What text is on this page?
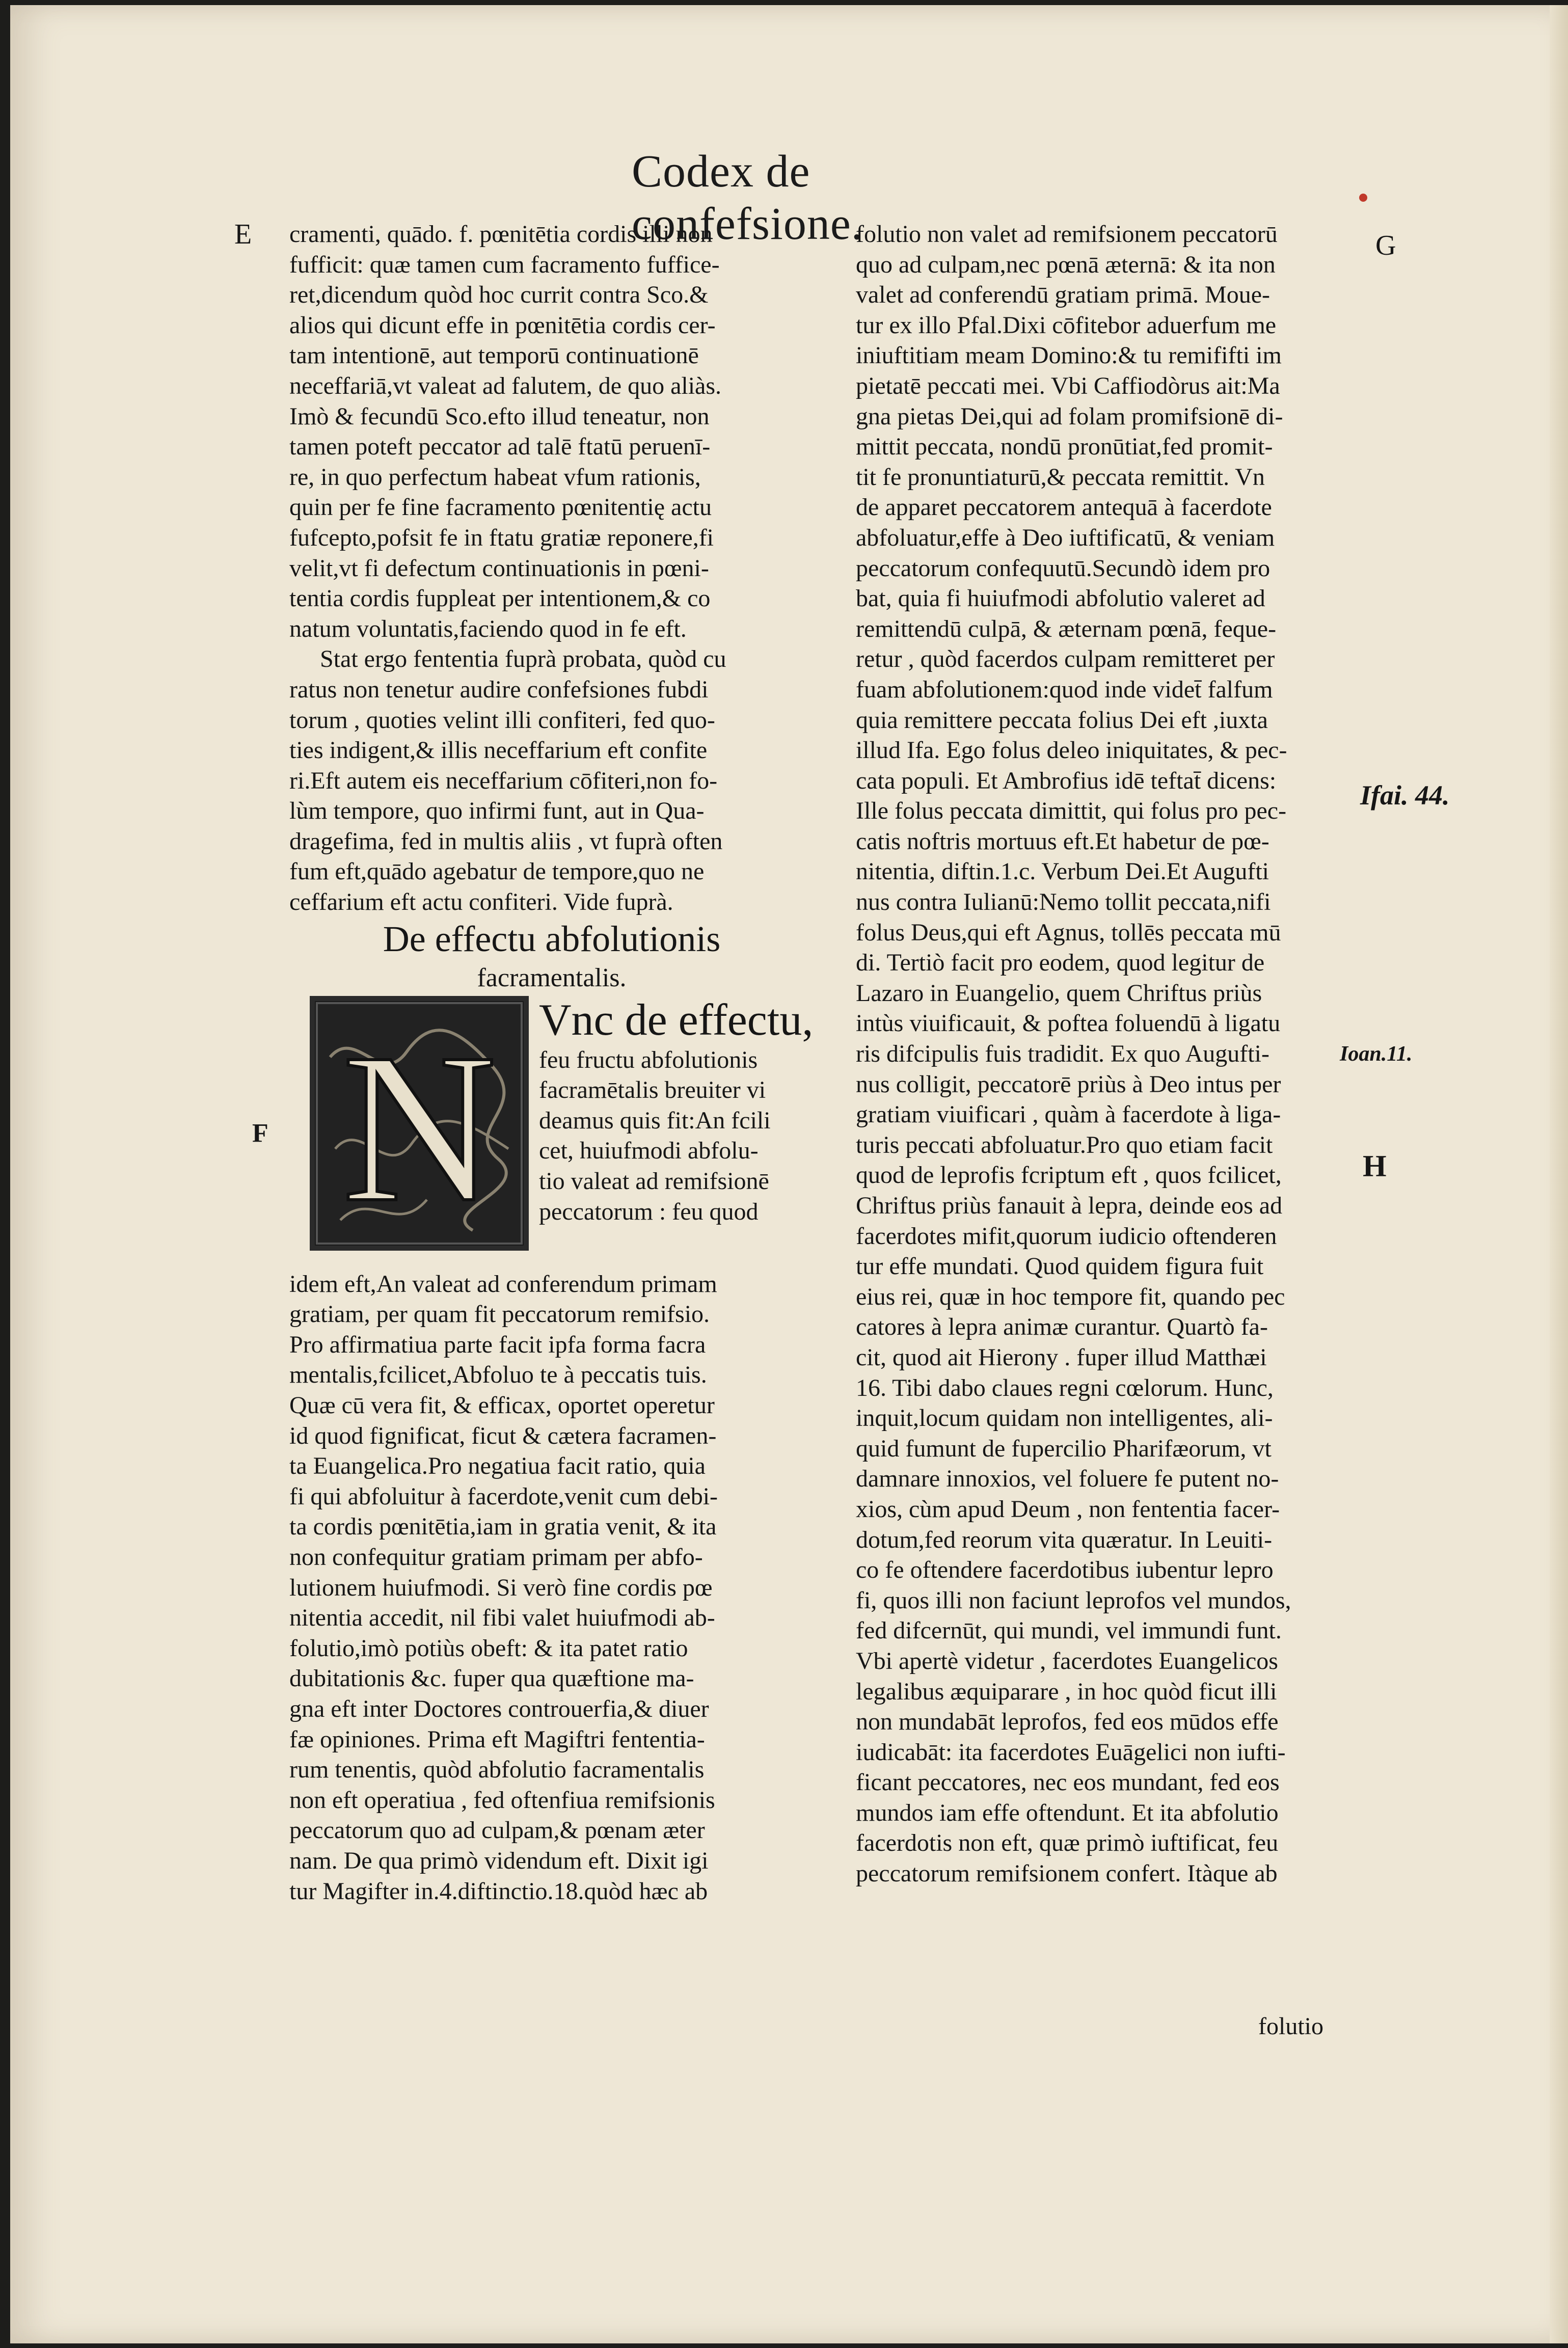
Codex de confefsione.
E
F
G
H
Ifai. 44.
Ioan.11.

cramenti, quādo. f. pœnitētia cordis illi non

fufficit: quæ tamen cum facramento fuffice-

ret,dicendum quòd hoc currit contra Sco.&

alios qui dicunt effe in pœnitētia cordis cer-

tam intentionē, aut temporū continuationē

neceffariā,vt valeat ad falutem, de quo aliàs.

Imò & fecundū Sco.efto illud teneatur, non

tamen poteft peccator ad talē ftatū peruenī-

re, in quo perfectum habeat vfum rationis,

quin per fe fine facramento pœnitentię actu

fufcepto,pofsit fe in ftatu gratiæ reponere,fi

velit,vt fi defectum continuationis in pœni-

tentia cordis fuppleat per intentionem,& co

natum voluntatis,faciendo quod in fe eft.

Stat ergo fententia fuprà probata, quòd cu

ratus non tenetur audire confefsiones fubdi

torum , quoties velint illi confiteri, fed quo-

ties indigent,& illis neceffarium eft confite

ri.Eft autem eis neceffarium cōfiteri,non fo-

lùm tempore, quo infirmi funt, aut in Qua-

dragefima, fed in multis aliis , vt fuprà often

fum eft,quādo agebatur de tempore,quo ne

ceffarium eft actu confiteri. Vide fuprà.

De effectu abfolutionis

facramentalis.

N Vnc de effectu,

feu fructu abfolutionis

facramētalis breuiter vi

deamus quis fit:An fcili

cet, huiufmodi abfolu-

tio valeat ad remifsionē

peccatorum : feu quod

idem eft,An valeat ad conferendum primam

gratiam, per quam fit peccatorum remifsio.

Pro affirmatiua parte facit ipfa forma facra

mentalis,fcilicet,Abfoluo te à peccatis tuis.

Quæ cū vera fit, & efficax, oportet operetur

id quod fignificat, ficut & cætera facramen-

ta Euangelica.Pro negatiua facit ratio, quia

fi qui abfoluitur à facerdote,venit cum debi-

ta cordis pœnitētia,iam in gratia venit, & ita

non confequitur gratiam primam per abfo-

lutionem huiufmodi. Si verò fine cordis pœ

nitentia accedit, nil fibi valet huiufmodi ab-

folutio,imò potiùs obeft: & ita patet ratio

dubitationis &c. fuper qua quæftione ma-

gna eft inter Doctores controuerfia,& diuer

fæ opiniones. Prima eft Magiftri fententia-

rum tenentis, quòd abfolutio facramentalis

non eft operatiua , fed oftenfiua remifsionis

peccatorum quo ad culpam,& pœnam æter

nam. De qua primò videndum eft. Dixit igi

tur Magifter in.4.diftinctio.18.quòd hæc ab

folutio non valet ad remifsionem peccatorū

quo ad culpam,nec pœnā æternā: & ita non

valet ad conferendū gratiam primā. Moue-

tur ex illo Pfal.Dixi cōfitebor aduerfum me

iniuftitiam meam Domino:& tu remififti im

pietatē peccati mei. Vbi Caffiodòrus ait:Ma

gna pietas Dei,qui ad folam promifsionē di-

mittit peccata, nondū pronūtiat,fed promit-

tit fe pronuntiaturū,& peccata remittit. Vn

de apparet peccatorem antequā à facerdote

abfoluatur,effe à Deo iuftificatū, & veniam

peccatorum confequutū.Secundò idem pro

bat, quia fi huiufmodi abfolutio valeret ad

remittendū culpā, & æternam pœnā, feque-

retur , quòd facerdos culpam remitteret per

fuam abfolutionem:quod inde videt̄ falfum

quia remittere peccata folius Dei eft ,iuxta

illud Ifa. Ego folus deleo iniquitates, & pec-

cata populi. Et Ambrofius idē teftat̄ dicens:

Ille folus peccata dimittit, qui folus pro pec-

catis noftris mortuus eft.Et habetur de pœ-

nitentia, diftin.1.c. Verbum Dei.Et Augufti

nus contra Iulianū:Nemo tollit peccata,nifi

folus Deus,qui eft Agnus, tollēs peccata mū

di. Tertiò facit pro eodem, quod legitur de

Lazaro in Euangelio, quem Chriftus priùs

intùs viuificauit, & poftea foluendū à ligatu

ris difcipulis fuis tradidit. Ex quo Augufti-

nus colligit, peccatorē priùs à Deo intus per

gratiam viuificari , quàm à facerdote à liga-

turis peccati abfoluatur.Pro quo etiam facit

quod de leprofis fcriptum eft , quos fcilicet,

Chriftus priùs fanauit à lepra, deinde eos ad

facerdotes mifit,quorum iudicio oftenderen

tur effe mundati. Quod quidem figura fuit

eius rei, quæ in hoc tempore fit, quando pec

catores à lepra animæ curantur. Quartò fa-

cit, quod ait Hierony . fuper illud Matthæi

16. Tibi dabo claues regni cœlorum. Hunc,

inquit,locum quidam non intelligentes, ali-

quid fumunt de fupercilio Pharifæorum, vt

damnare innoxios, vel foluere fe putent no-

xios, cùm apud Deum , non fententia facer-

dotum,fed reorum vita quæratur. In Leuiti-

co fe oftendere facerdotibus iubentur lepro

fi, quos illi non faciunt leprofos vel mundos,

fed difcernūt, qui mundi, vel immundi funt.

Vbi apertè videtur , facerdotes Euangelicos

legalibus æquiparare , in hoc quòd ficut illi

non mundabāt leprofos, fed eos mūdos effe

iudicabāt: ita facerdotes Euāgelici non iufti-

ficant peccatores, nec eos mundant, fed eos

mundos iam effe oftendunt. Et ita abfolutio

facerdotis non eft, quæ primò iuftificat, feu

peccatorum remifsionem confert. Itàque ab

folutio
